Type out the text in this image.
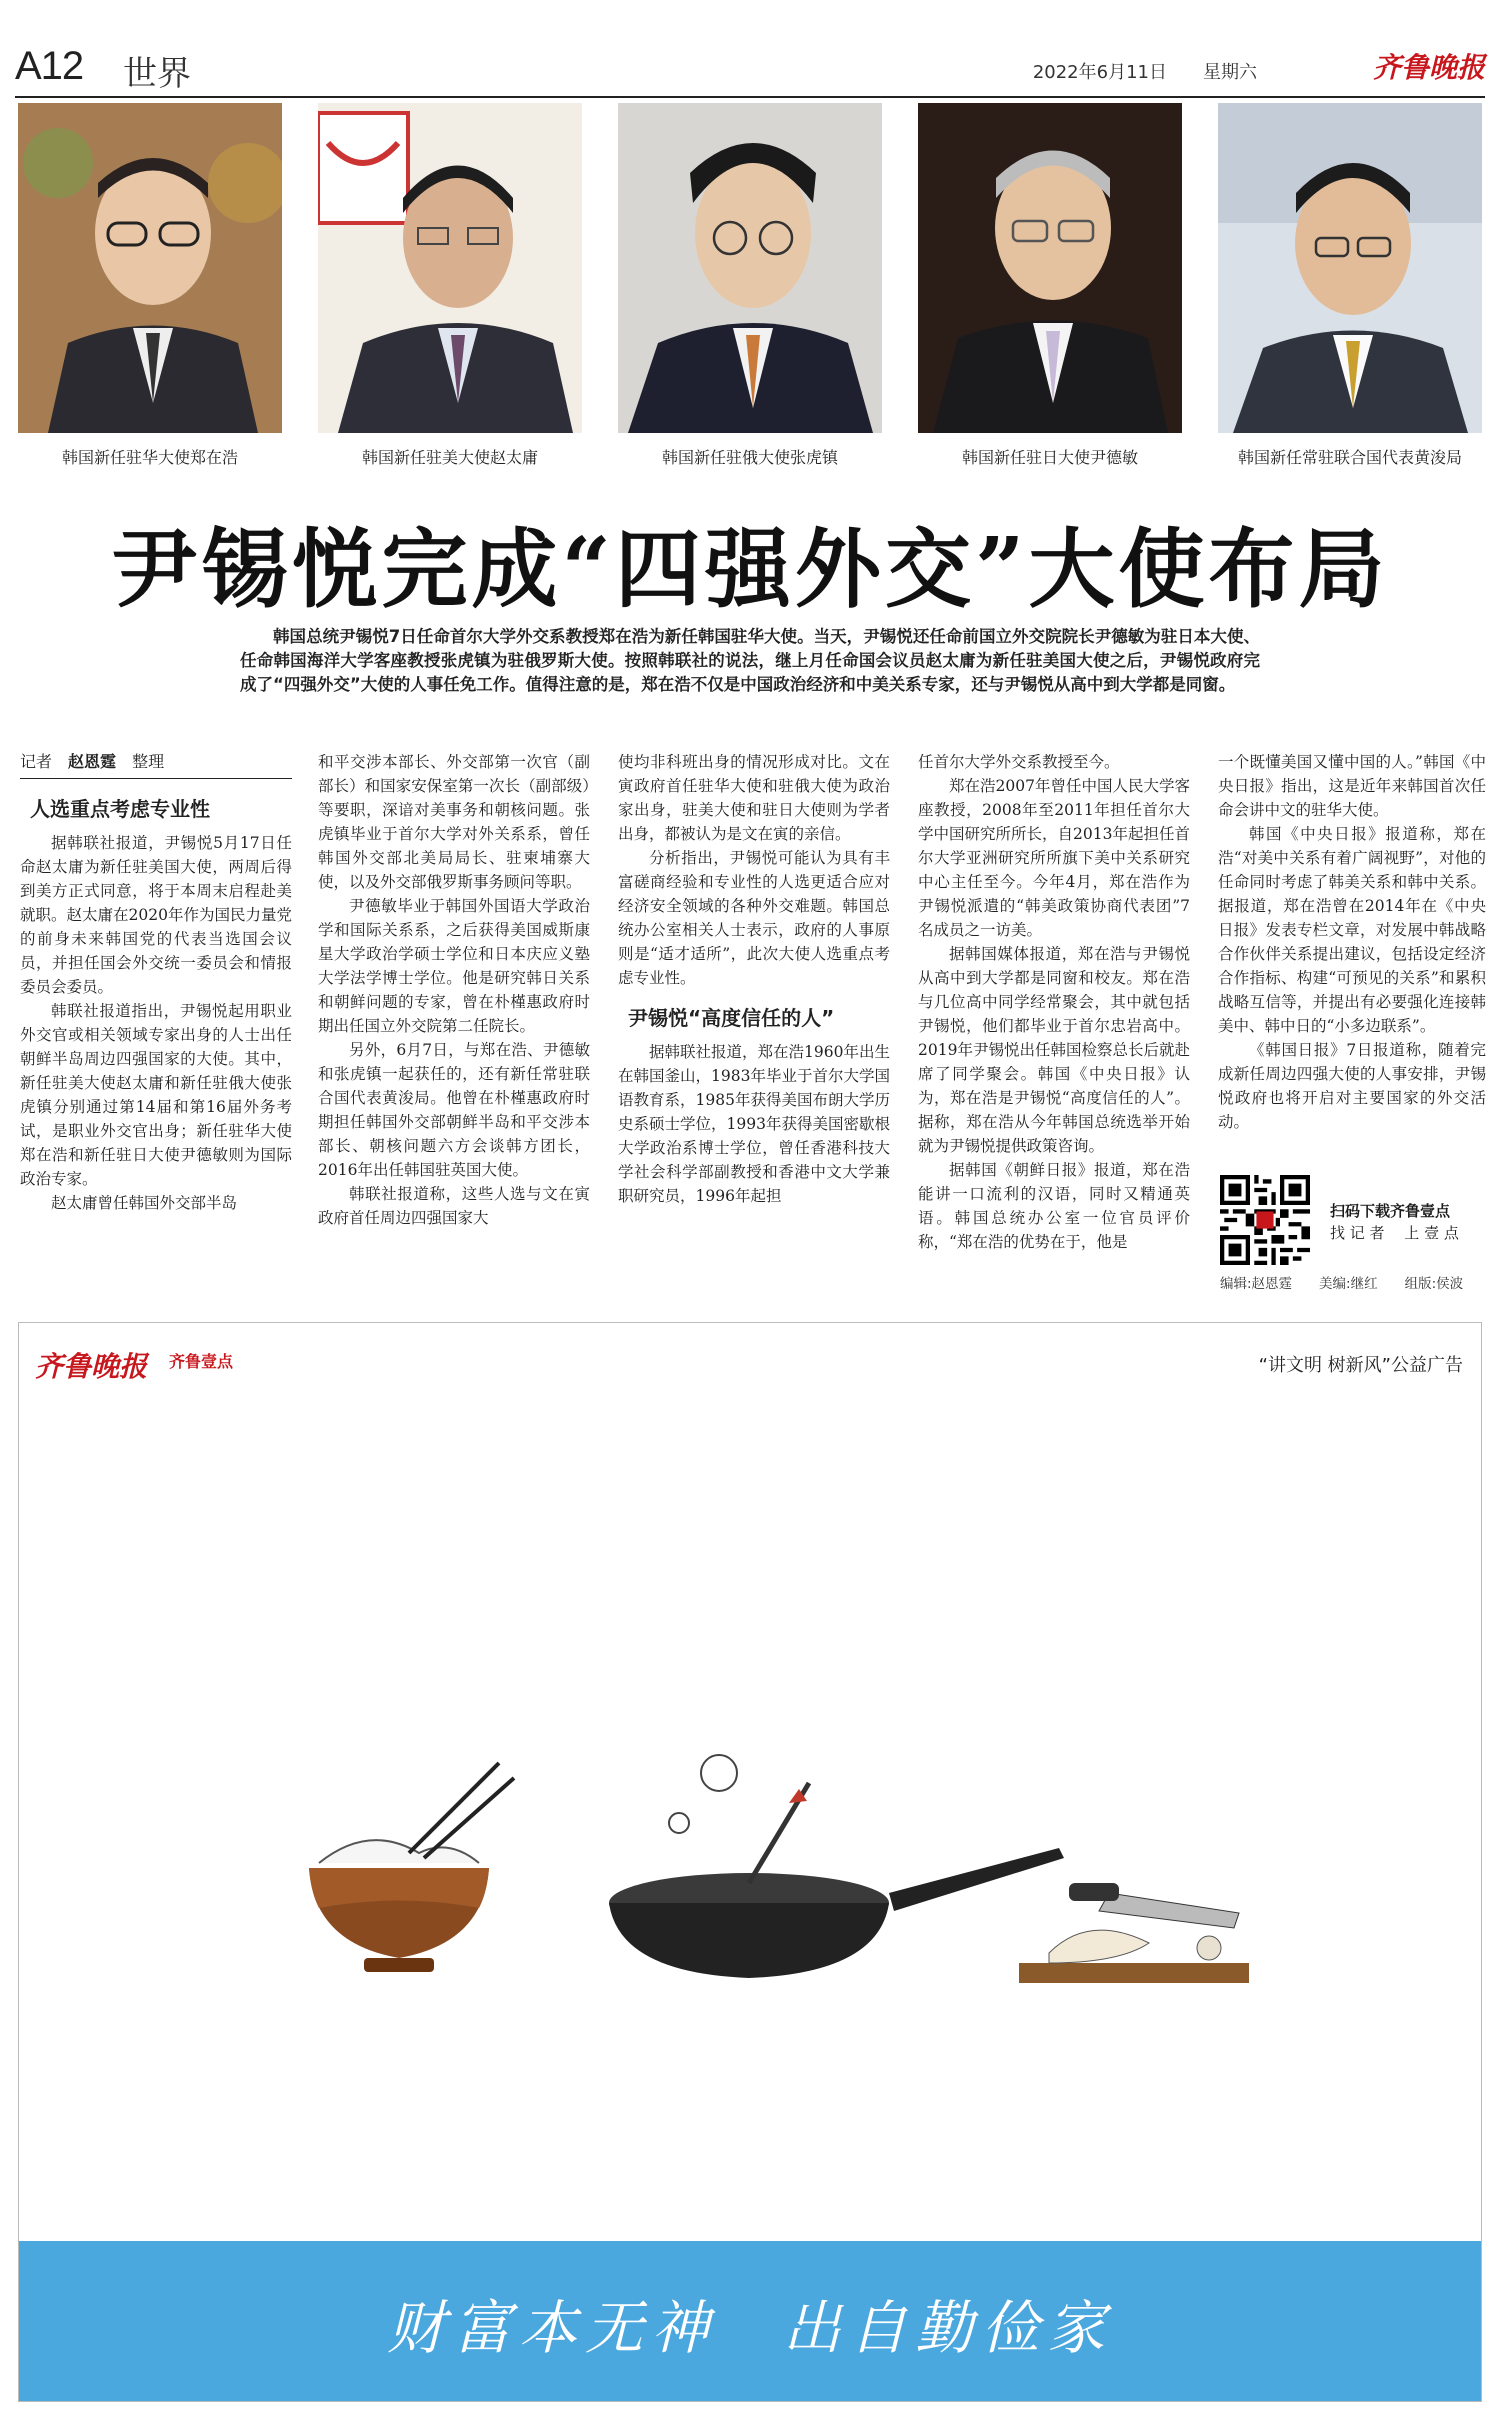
A12 世界	2022年6月11日 星期六	齐鲁晚报
韩国新任驻华大使郑在浩	韩国新任驻美大使赵太庸	韩国新任驻俄大使张虎镇	韩国新任驻日大使尹德敏	韩国新任常驻联合国代表黄浚局
尹锡悦完成“四强外交”大使布局
韩国总统尹锡悦7日任命首尔大学外交系教授郑在浩为新任韩国驻华大使。当天，尹锡悦还任命前国立外交院院长尹德敏为驻日本大使、任命韩国海洋大学客座教授张虎镇为驻俄罗斯大使。按照韩联社的说法，继上月任命国会议员赵太庸为新任驻美国大使之后，尹锡悦政府完成了“四强外交”大使的人事任免工作。值得注意的是，郑在浩不仅是中国政治经济和中美关系专家，还与尹锡悦从高中到大学都是同窗。
记者　 赵恩霆　 整理

人选重点考虑专业性

据韩联社报道，尹锡悦5月17日任命赵太庸为新任驻美国大使，两周后得到美方正式同意，将于本周末启程赴美就职。赵太庸在2020年作为国民力量党的前身未来韩国党的代表当选国会议员，并担任国会外交统一委员会和情报委员会委员。

韩联社报道指出，尹锡悦起用职业外交官或相关领域专家出身的人士出任朝鲜半岛周边四强国家的大使。其中，新任驻美大使赵太庸和新任驻俄大使张虎镇分别通过第14届和第16届外务考试，是职业外交官出身；新任驻华大使郑在浩和新任驻日大使尹德敏则为国际政治专家。

赵太庸曾任韩国外交部半岛

和平交涉本部长、外交部第一次官（副部长）和国家安保室第一次长（副部级）等要职，深谙对美事务和朝核问题。张虎镇毕业于首尔大学对外关系系，曾任韩国外交部北美局局长、驻柬埔寨大使，以及外交部俄罗斯事务顾问等职。

尹德敏毕业于韩国外国语大学政治学和国际关系系，之后获得美国威斯康星大学政治学硕士学位和日本庆应义塾大学法学博士学位。他是研究韩日关系和朝鲜问题的专家，曾在朴槿惠政府时期出任国立外交院第二任院长。

另外，6月7日，与郑在浩、尹德敏和张虎镇一起获任的，还有新任常驻联合国代表黄浚局。他曾在朴槿惠政府时期担任韩国外交部朝鲜半岛和平交涉本部长、朝核问题六方会谈韩方团长，2016年出任韩国驻英国大使。

韩联社报道称，这些人选与文在寅政府首任周边四强国家大

使均非科班出身的情况形成对比。文在寅政府首任驻华大使和驻俄大使为政治家出身，驻美大使和驻日大使则为学者出身，都被认为是文在寅的亲信。

分析指出，尹锡悦可能认为具有丰富磋商经验和专业性的人选更适合应对经济安全领域的各种外交难题。韩国总统办公室相关人士表示，政府的人事原则是“适才适所”，此次大使人选重点考虑专业性。

尹锡悦“高度信任的人”

据韩联社报道，郑在浩1960年出生在韩国釜山，1983年毕业于首尔大学国语教育系，1985年获得美国布朗大学历史系硕士学位，1993年获得美国密歇根大学政治系博士学位，曾任香港科技大学社会科学部副教授和香港中文大学兼职研究员，1996年起担

任首尔大学外交系教授至今。

郑在浩2007年曾任中国人民大学客座教授，2008年至2011年担任首尔大学中国研究所所长，自2013年起担任首尔大学亚洲研究所所旗下美中关系研究中心主任至今。今年4月，郑在浩作为尹锡悦派遣的“韩美政策协商代表团”7名成员之一访美。

据韩国媒体报道，郑在浩与尹锡悦从高中到大学都是同窗和校友。郑在浩与几位高中同学经常聚会，其中就包括尹锡悦，他们都毕业于首尔忠岩高中。2019年尹锡悦出任韩国检察总长后就赴席了同学聚会。韩国《中央日报》认为，郑在浩是尹锡悦“高度信任的人”。据称，郑在浩从今年韩国总统选举开始就为尹锡悦提供政策咨询。

据韩国《朝鲜日报》报道，郑在浩能讲一口流利的汉语，同时又精通英语。韩国总统办公室一位官员评价称，“郑在浩的优势在于，他是

一个既懂美国又懂中国的人。”韩国《中央日报》指出，这是近年来韩国首次任命会讲中文的驻华大使。

韩国《中央日报》报道称，郑在浩“对美中关系有着广阔视野”，对他的任命同时考虑了韩美关系和韩中关系。据报道，郑在浩曾在2014年在《中央日报》发表专栏文章，对发展中韩战略合作伙伴关系提出建议，包括设定经济合作指标、构建“可预见的关系”和累积战略互信等，并提出有必要强化连接韩美中、韩中日的“小多边联系”。

《韩国日报》7日报道称，随着完成新任周边四强大使的人事安排，尹锡悦政府也将开启对主要国家的外交活动。

扫码下载齐鲁壹点
找 记 者　 上 壹 点
编辑:赵恩霆　　美编:继红　　组版:侯波
齐鲁晚报 齐鲁壹点	“讲文明 树新风”公益广告
财富本无神　出自勤俭家
